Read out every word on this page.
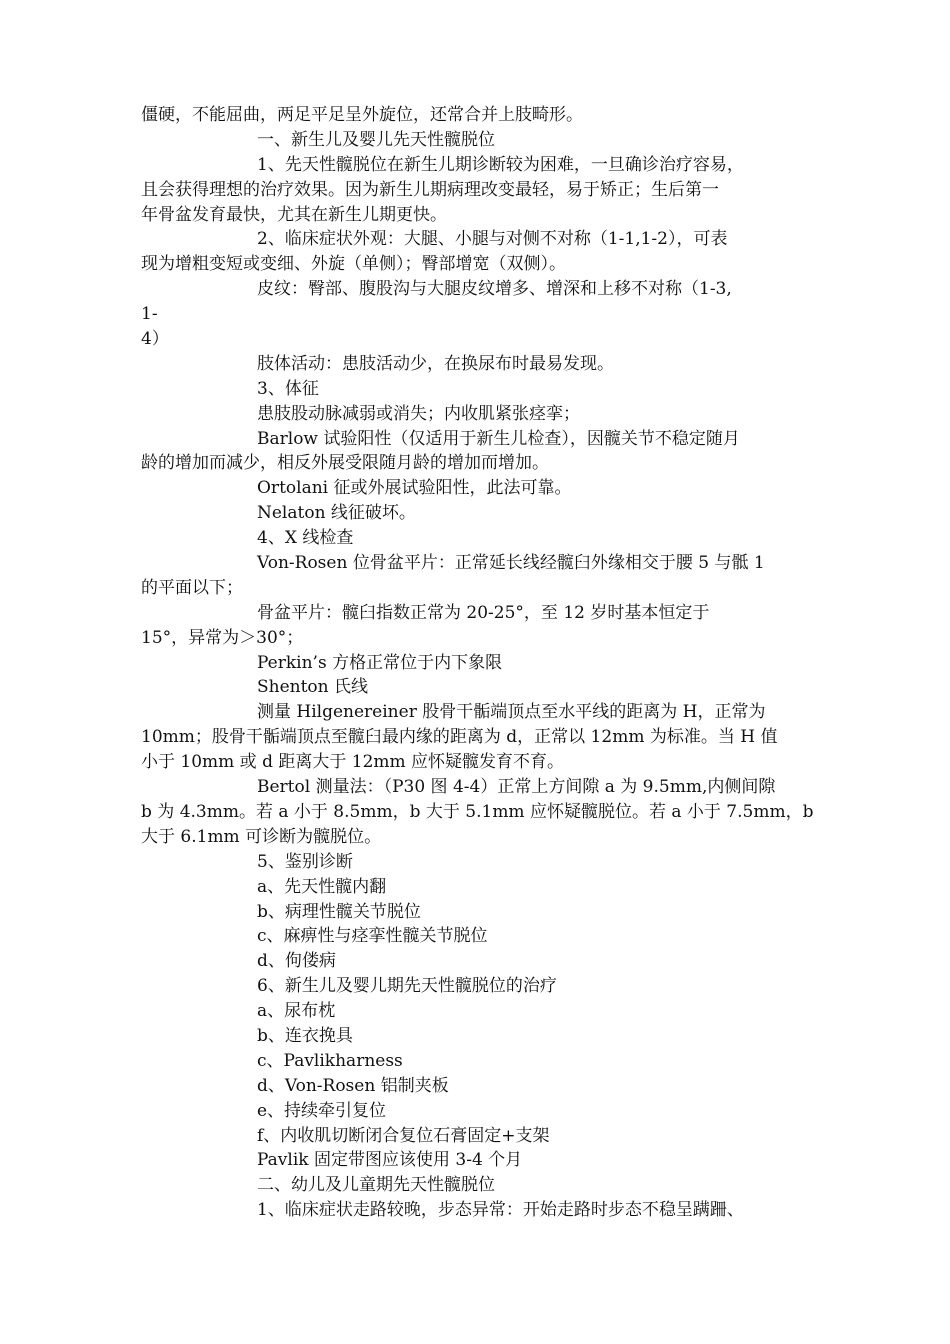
僵硬，不能屈曲，两足平足呈外旋位，还常合并上肢畸形。
一、新生儿及婴儿先天性髋脱位
1、先天性髋脱位在新生儿期诊断较为困难，一旦确诊治疗容易，
且会获得理想的治疗效果。因为新生儿期病理改变最轻，易于矫正；生后第一
年骨盆发育最快，尤其在新生儿期更快。
2、临床症状外观：大腿、小腿与对侧不对称（1-1,1-2），可表
现为增粗变短或变细、外旋（单侧）；臀部增宽（双侧）。
皮纹：臀部、腹股沟与大腿皮纹增多、增深和上移不对称（1-3,
1-
4）
肢体活动：患肢活动少，在换尿布时最易发现。
3、体征
患肢股动脉减弱或消失；内收肌紧张痉挛；
Barlow 试验阳性（仅适用于新生儿检查），因髋关节不稳定随月
龄的增加而减少，相反外展受限随月龄的增加而增加。
Ortolani 征或外展试验阳性，此法可靠。
Nelaton 线征破坏。
4、X 线检查
Von-Rosen 位骨盆平片：正常延长线经髋臼外缘相交于腰 5 与骶 1
的平面以下；
骨盆平片：髋臼指数正常为 20-25°，至 12 岁时基本恒定于
15°，异常为＞30°；
Perkin’s 方格正常位于内下象限
Shenton 氏线
测量 Hilgenereiner 股骨干骺端顶点至水平线的距离为 H，正常为
10mm；股骨干骺端顶点至髋臼最内缘的距离为 d，正常以 12mm 为标准。当 H 值
小于 10mm 或 d 距离大于 12mm 应怀疑髋发育不育。
Bertol 测量法：（P30 图 4-4）正常上方间隙 a 为 9.5mm,内侧间隙
b 为 4.3mm。若 a 小于 8.5mm，b 大于 5.1mm 应怀疑髋脱位。若 a 小于 7.5mm，b
大于 6.1mm 可诊断为髋脱位。
5、鉴别诊断
a、先天性髋内翻
b、病理性髋关节脱位
c、麻痹性与痉挛性髋关节脱位
d、佝偻病
6、新生儿及婴儿期先天性髋脱位的治疗
a、尿布枕
b、连衣挽具
c、Pavlikharness
d、Von-Rosen 铝制夹板
e、持续牵引复位
f、内收肌切断闭合复位石膏固定+支架
Pavlik 固定带图应该使用 3-4 个月
二、幼儿及儿童期先天性髋脱位
1、临床症状走路较晚，步态异常：开始走路时步态不稳呈蹒跚、
